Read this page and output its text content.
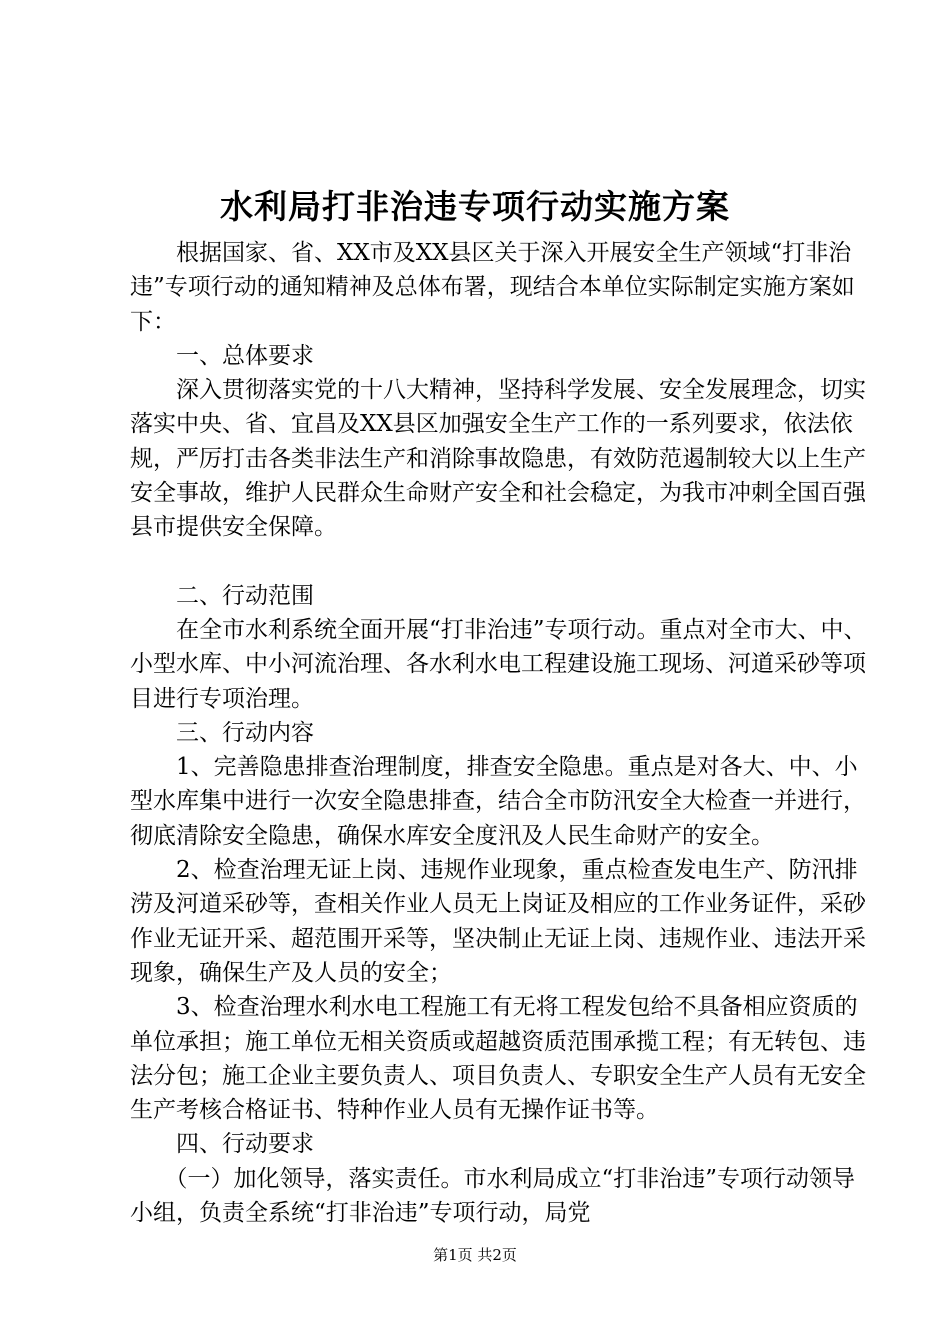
水利局打非治违专项行动实施方案

　　根据国家、省、XX市及XX县区关于深入开展安全生产领域“打非治违”专项行动的通知精神及总体布署，现结合本单位实际制定实施方案如下：

　　一、总体要求

　　深入贯彻落实党的十八大精神，坚持科学发展、安全发展理念，切实落实中央、省、宜昌及XX县区加强安全生产工作的一系列要求，依法依规，严厉打击各类非法生产和消除事故隐患，有效防范遏制较大以上生产安全事故，维护人民群众生命财产安全和社会稳定，为我市冲刺全国百强县市提供安全保障。

　　二、行动范围

　　在全市水利系统全面开展“打非治违”专项行动。重点对全市大、中、小型水库、中小河流治理、各水利水电工程建设施工现场、河道采砂等项目进行专项治理。

　　三、行动内容

　　1、完善隐患排查治理制度，排查安全隐患。重点是对各大、中、小型水库集中进行一次安全隐患排查，结合全市防汛安全大检查一并进行，彻底清除安全隐患，确保水库安全度汛及人民生命财产的安全。

　　2、检查治理无证上岗、违规作业现象，重点检查发电生产、防汛排涝及河道采砂等，查相关作业人员无上岗证及相应的工作业务证件，采砂作业无证开采、超范围开采等，坚决制止无证上岗、违规作业、违法开采现象，确保生产及人员的安全；

　　3、检查治理水利水电工程施工有无将工程发包给不具备相应资质的单位承担；施工单位无相关资质或超越资质范围承揽工程；有无转包、违法分包；施工企业主要负责人、项目负责人、专职安全生产人员有无安全生产考核合格证书、特种作业人员有无操作证书等。

　　四、行动要求

　　（一）加化领导，落实责任。市水利局成立“打非治违”专项行动领导小组，负责全系统“打非治违”专项行动，局党

第1页 共2页
